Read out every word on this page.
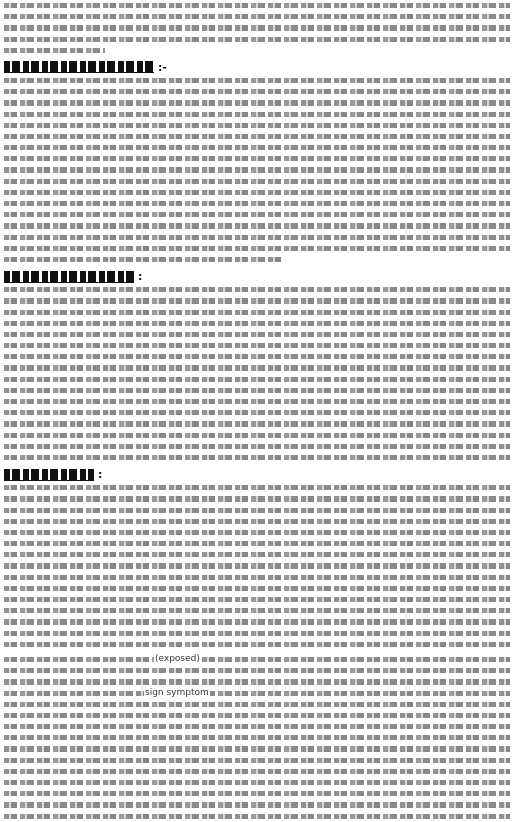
:-
:
:
(exposed)
sign symptom
